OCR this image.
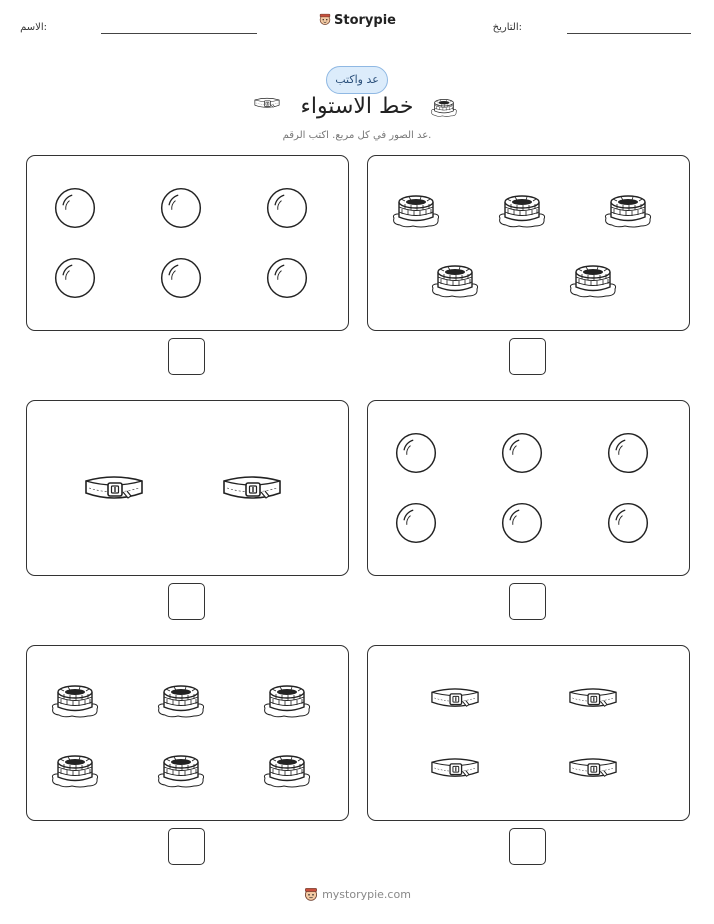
الاسم:	Storypie	التاريخ:
عد واكتب
خط الاستواء
عد الصور في كل مربع. اكتب الرقم.
mystorypie.com
